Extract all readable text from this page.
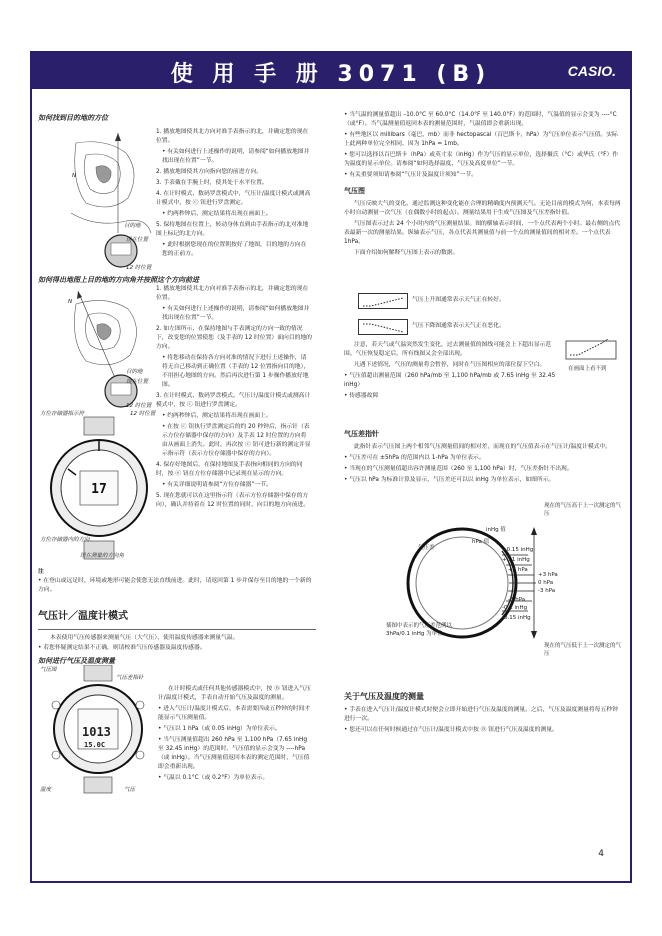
使 用 手 册 3071 (B)	CASIO.
如何找到目的地的方位
N
目的地
现在位置
12 时位置

1. 播放地图使其北方向对准手表指示的北，并确定您的现在位置。

• 有关如何进行上述操作的说明，请参阅“如何播放地图并找出现在位置”一节。

2. 播放地图使其方向指向您的前进方向。

3. 手表戴在手腕上时，使其处于水平位置。

4. 在计时模式、数码罗盘模式中，气压计/温度计模式或测高计模式中，按 ⓒ 钮进行罗盘测定。

• 约两秒钟后，测定结果将出现在画面上。

5. 保持地图在位置上，转动身体直到由手表指示的北对准地图上标记的北方向。

• 此时根据您现在的位置朝按好了地图，目的地的方向在您的正前方。

如何得出地图上目的地的方向角并按照这个方向前进
N
目的地
现在位置
12 时位置
17
方位存储器指示符	12 时位置
方位存储器内的方向
现在测量的方向角

1. 播放地图使其北方向对准手表指示的北，并确定您的现在位置。

• 有关如何进行上述操作的说明，请参阅“如何播放地图并找出现在位置”一节。

2. 如左图所示，在保持地图与手表测定的方向一致的情况下，改变您的位置使您（及手表的 12 时位置）面向目的地的方向。

• 将您移动在保持各方向对准的情况下进行上述操作，请将无自己移动到正确位置（手表的 12 位置指向目的地），不用担心地图的方向。然后再次进行第 1 步操作播放好地图。

3. 在计时模式、数码罗盘模式、气压计/温度计模式或测高计模式中，按 ⓒ 钮进行罗盘测定。

• 约两秒钟后，测定结果将出现在画面上。

• 在按 ⓒ 钮执行罗盘测定后的约 20 秒钟后，指示针（表示方位存储器中保存的方向）及手表 12 时位置的方向将由从画面上消失。此时，再次按 ⓒ 钮可进行新的测定并显示指示符（表示方位存储器中保存的方向）。

4. 保存好地图后，在保持地图及手表指向相同的方向的同时，按 ⓔ 钮在方位存储器中记录现在显示的方向。

• 有关详细说明请参阅“方位存储器”一节。

5. 现在您就可以在这里指示符（表示方位存储器中保存的方向），确认并持着在 12 时位置的同时，向目的地方向前进。

注

• 在登山或远足时，环境或地形可能会使您无法直线前进。此时，请返回第 1 步并保存至目的地的一个新的方向。

气压计／温度计模式

本表使用气压传感器来测量气压（大气压），使用温度传感器来测量气温。

• 若您怀疑测定结果不正确，则请校准气压传感器及温度传感器。

如何进行气压及温度测量
1013
15.0C
气压图
气压差指针
温度	气压

在计时模式或任何其他传感器模式中，按 Ⓑ 钮进入气压计/温度计模式，手表自动开始气压及温度的测量。

• 进入气压计/温度计模式后，本表需要四或五秒钟的时间才能显示气压测量值。

• 气压以 1 hPa（或 0.05 inHg）为单位表示。

• 当气压测量值超出 260 hPa 至 1,100 hPa（7.65 inHg 至 32.45 inHg）的范围时，气压值的显示会变为 ----hPa（或 inHg）。当气压测量值返回本表的测定范围时，气压值即会重新出现。

• 气温以 0.1°C（或 0.2°F）为单位表示。

• 当气温的测量值超出 –10.0°C 至 60.0°C（14.0°F 至 140.0°F）的范围时，气温值的显示会变为 ----°C（或°F）。当气温测量值返回本表的测量范围时，气温值即会重新出现。

• 有些地区以 millibars（毫巴，mb）而非 hectopascal（百巴斯卡，hPa）为气压单位表示气压值。实际上此两种单位完全相同，因为 1hPa = 1mb。

• 您可以选择以百巴斯卡（hPa）或英寸汞（inHg）作为气压的显示单位，选择摄氏（°C）或华氏（°F）作为温度的显示单位。请参阅“如何选择温度、气压及高度单位”一节。

• 有关重要须知请参阅“气压计及温度计须知”一节。

气压图

气压反映大气的变化。通过监测这种变化能在合理的精确度内预测天气。无论目前的模式为何，本表每两小时自动测量一次气压（在偶数小时的起点）。测量结果用于生成气压图及气压差指针值。

气压图表示过去 24 个小时内的气压测量结果。图的横轴表示时间，一个点代表两个小时。最右侧的点代表最新一次的测量结果。纵轴表示气压，各点代表其测量值与前一个点的测量值间的相对差。一个点代表 1hPa。

下面介绍如何解释气压图上表示的数据。

气压上升图通常表示天气正在转好。
气压下降图通常表示天气正在恶化。

注意，若天气或气温突然发生变化，过去测量值的图线可能会上下超出显示范围。气压恢复稳定后，所有线图又会全部出现。

凡遇下述情况，气压的测量将会暂停，同时在气压图相应的部位留下空白。

• 气压值超出测量范围（260 hPa/mb 至 1,100 hPa/mb 或 7.65 inHg 至 32.45 inHg）

• 传感器故障

在画面上看不到
气压差指针

此指针表示气压图上两个相邻气压测量值间的相对差，而现在的气压值表示在气压计/温度计模式中。

• 气压差可在 ±5hPa 的范围内以 1-hPa 为单位表示。

• 当现在的气压测量值超出容许测量范围（260 至 1,100 hPa）时，气压差指针不出现。

• 气压以 hPa 为标准计算及显示，气压差还可以以 inHg 为单位表示，如图所示。

+0.15 inHg
+0.1 inHg
+5 hPa
+3 hPa
0 hPa
-3 hPa
-5 hPa
-0.1 inHg
-0.15 inHg
现在的气压高于上一次测定的气压
inHg 值
hPa 值
气压差
插图中表示的气压差范例以 3hPa/0.1 inHg 为单位。
现在的气压低于上一次测定的气压
关于气压及温度的测量

• 手表在进入气压计/温度计模式时便会立即开始进行气压及温度的测量。之后，气压及温度测量将每五秒钟进行一次。

• 您还可以在任何时候通过在气压计/温度计模式中按 Ⓑ 钮进行气压及温度的测量。

4
